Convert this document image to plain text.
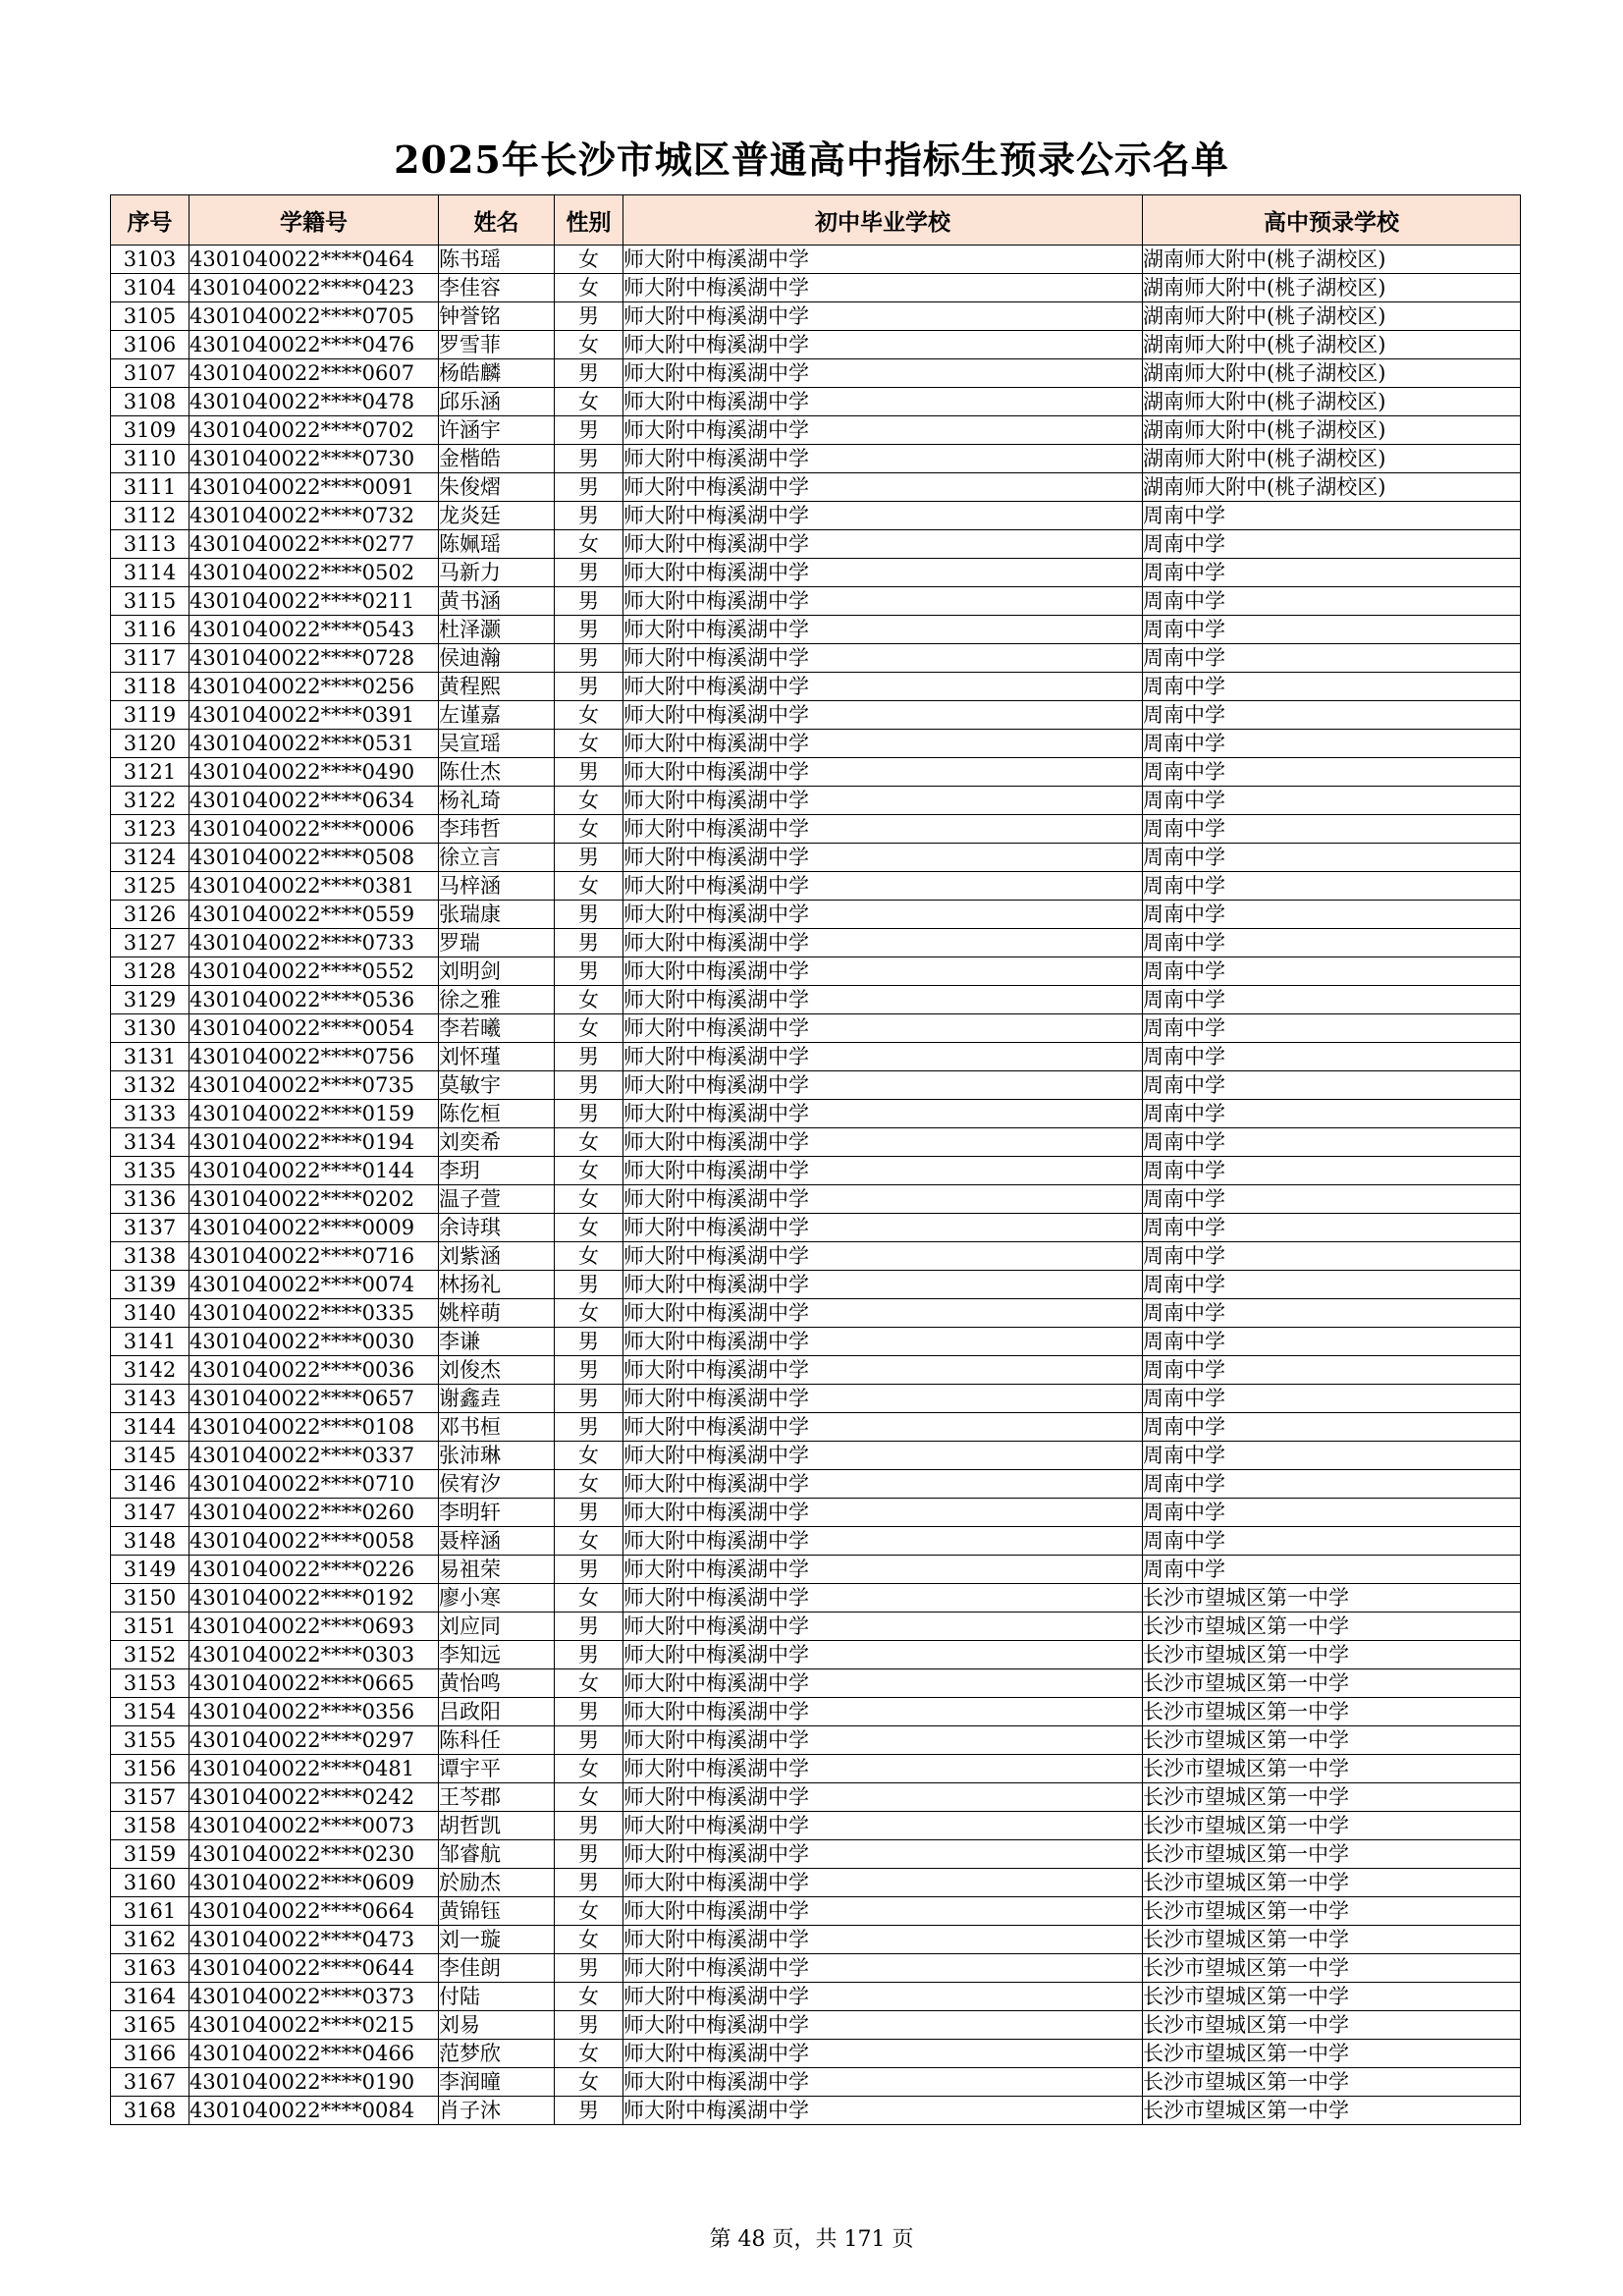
2025年长沙市城区普通高中指标生预录公示名单
序号	学籍号	姓名	性别	初中毕业学校	高中预录学校
3103	4301040022****0464	陈书瑶	女	师大附中梅溪湖中学	湖南师大附中(桃子湖校区)
3104	4301040022****0423	李佳容	女	师大附中梅溪湖中学	湖南师大附中(桃子湖校区)
3105	4301040022****0705	钟誉铭	男	师大附中梅溪湖中学	湖南师大附中(桃子湖校区)
3106	4301040022****0476	罗雪菲	女	师大附中梅溪湖中学	湖南师大附中(桃子湖校区)
3107	4301040022****0607	杨皓麟	男	师大附中梅溪湖中学	湖南师大附中(桃子湖校区)
3108	4301040022****0478	邱乐涵	女	师大附中梅溪湖中学	湖南师大附中(桃子湖校区)
3109	4301040022****0702	许涵宇	男	师大附中梅溪湖中学	湖南师大附中(桃子湖校区)
3110	4301040022****0730	金楷皓	男	师大附中梅溪湖中学	湖南师大附中(桃子湖校区)
3111	4301040022****0091	朱俊熠	男	师大附中梅溪湖中学	湖南师大附中(桃子湖校区)
3112	4301040022****0732	龙炎廷	男	师大附中梅溪湖中学	周南中学
3113	4301040022****0277	陈姵瑶	女	师大附中梅溪湖中学	周南中学
3114	4301040022****0502	马新力	男	师大附中梅溪湖中学	周南中学
3115	4301040022****0211	黄书涵	男	师大附中梅溪湖中学	周南中学
3116	4301040022****0543	杜泽灏	男	师大附中梅溪湖中学	周南中学
3117	4301040022****0728	侯迪瀚	男	师大附中梅溪湖中学	周南中学
3118	4301040022****0256	黄程熙	男	师大附中梅溪湖中学	周南中学
3119	4301040022****0391	左谨嘉	女	师大附中梅溪湖中学	周南中学
3120	4301040022****0531	吴宣瑶	女	师大附中梅溪湖中学	周南中学
3121	4301040022****0490	陈仕杰	男	师大附中梅溪湖中学	周南中学
3122	4301040022****0634	杨礼琦	女	师大附中梅溪湖中学	周南中学
3123	4301040022****0006	李玮哲	女	师大附中梅溪湖中学	周南中学
3124	4301040022****0508	徐立言	男	师大附中梅溪湖中学	周南中学
3125	4301040022****0381	马梓涵	女	师大附中梅溪湖中学	周南中学
3126	4301040022****0559	张瑞康	男	师大附中梅溪湖中学	周南中学
3127	4301040022****0733	罗瑞	男	师大附中梅溪湖中学	周南中学
3128	4301040022****0552	刘明剑	男	师大附中梅溪湖中学	周南中学
3129	4301040022****0536	徐之雅	女	师大附中梅溪湖中学	周南中学
3130	4301040022****0054	李若曦	女	师大附中梅溪湖中学	周南中学
3131	4301040022****0756	刘怀瑾	男	师大附中梅溪湖中学	周南中学
3132	4301040022****0735	莫敏宇	男	师大附中梅溪湖中学	周南中学
3133	4301040022****0159	陈仡桓	男	师大附中梅溪湖中学	周南中学
3134	4301040022****0194	刘奕希	女	师大附中梅溪湖中学	周南中学
3135	4301040022****0144	李玥	女	师大附中梅溪湖中学	周南中学
3136	4301040022****0202	温子萱	女	师大附中梅溪湖中学	周南中学
3137	4301040022****0009	余诗琪	女	师大附中梅溪湖中学	周南中学
3138	4301040022****0716	刘紫涵	女	师大附中梅溪湖中学	周南中学
3139	4301040022****0074	林扬礼	男	师大附中梅溪湖中学	周南中学
3140	4301040022****0335	姚梓萌	女	师大附中梅溪湖中学	周南中学
3141	4301040022****0030	李谦	男	师大附中梅溪湖中学	周南中学
3142	4301040022****0036	刘俊杰	男	师大附中梅溪湖中学	周南中学
3143	4301040022****0657	谢鑫垚	男	师大附中梅溪湖中学	周南中学
3144	4301040022****0108	邓书桓	男	师大附中梅溪湖中学	周南中学
3145	4301040022****0337	张沛琳	女	师大附中梅溪湖中学	周南中学
3146	4301040022****0710	侯宥汐	女	师大附中梅溪湖中学	周南中学
3147	4301040022****0260	李明轩	男	师大附中梅溪湖中学	周南中学
3148	4301040022****0058	聂梓涵	女	师大附中梅溪湖中学	周南中学
3149	4301040022****0226	易祖荣	男	师大附中梅溪湖中学	周南中学
3150	4301040022****0192	廖小寒	女	师大附中梅溪湖中学	长沙市望城区第一中学
3151	4301040022****0693	刘应同	男	师大附中梅溪湖中学	长沙市望城区第一中学
3152	4301040022****0303	李知远	男	师大附中梅溪湖中学	长沙市望城区第一中学
3153	4301040022****0665	黄怡鸣	女	师大附中梅溪湖中学	长沙市望城区第一中学
3154	4301040022****0356	吕政阳	男	师大附中梅溪湖中学	长沙市望城区第一中学
3155	4301040022****0297	陈科任	男	师大附中梅溪湖中学	长沙市望城区第一中学
3156	4301040022****0481	谭宇平	女	师大附中梅溪湖中学	长沙市望城区第一中学
3157	4301040022****0242	王芩郡	女	师大附中梅溪湖中学	长沙市望城区第一中学
3158	4301040022****0073	胡哲凯	男	师大附中梅溪湖中学	长沙市望城区第一中学
3159	4301040022****0230	邹睿航	男	师大附中梅溪湖中学	长沙市望城区第一中学
3160	4301040022****0609	於励杰	男	师大附中梅溪湖中学	长沙市望城区第一中学
3161	4301040022****0664	黄锦钰	女	师大附中梅溪湖中学	长沙市望城区第一中学
3162	4301040022****0473	刘一璇	女	师大附中梅溪湖中学	长沙市望城区第一中学
3163	4301040022****0644	李佳朗	男	师大附中梅溪湖中学	长沙市望城区第一中学
3164	4301040022****0373	付陆	女	师大附中梅溪湖中学	长沙市望城区第一中学
3165	4301040022****0215	刘易	男	师大附中梅溪湖中学	长沙市望城区第一中学
3166	4301040022****0466	范梦欣	女	师大附中梅溪湖中学	长沙市望城区第一中学
3167	4301040022****0190	李润曈	女	师大附中梅溪湖中学	长沙市望城区第一中学
3168	4301040022****0084	肖子沐	男	师大附中梅溪湖中学	长沙市望城区第一中学
第 48 页，共 171 页
